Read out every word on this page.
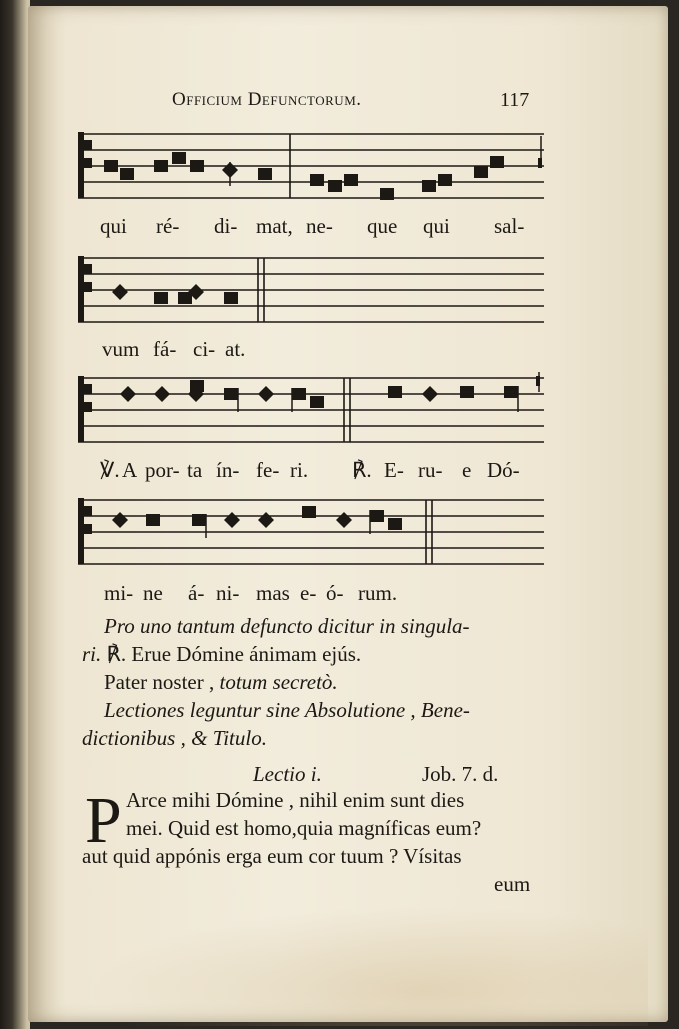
Officium Defunctorum.	117
qui ré- di- mat, ne- que qui sal-
vum fá- ci- at.
℣. A por- ta ín- fe- ri. ℟. E- ru- e Dó-
mi- ne á- ni- mas e- ó- rum.
Pro uno tantum defuncto dicitur in singula-
ri. ℟. Erue Dómine ánimam ejús.
Pater noster , totum secretò.
Lectiones leguntur sine Absolutione , Bene-
dictionibus , & Titulo.
Lectio i.	Job. 7. d.
P Arce mihi Dómine , nihil enim sunt dies
mei. Quid est homo,quia magníficas eum?
aut quid appónis erga eum cor tuum ? Vísitas
eum
